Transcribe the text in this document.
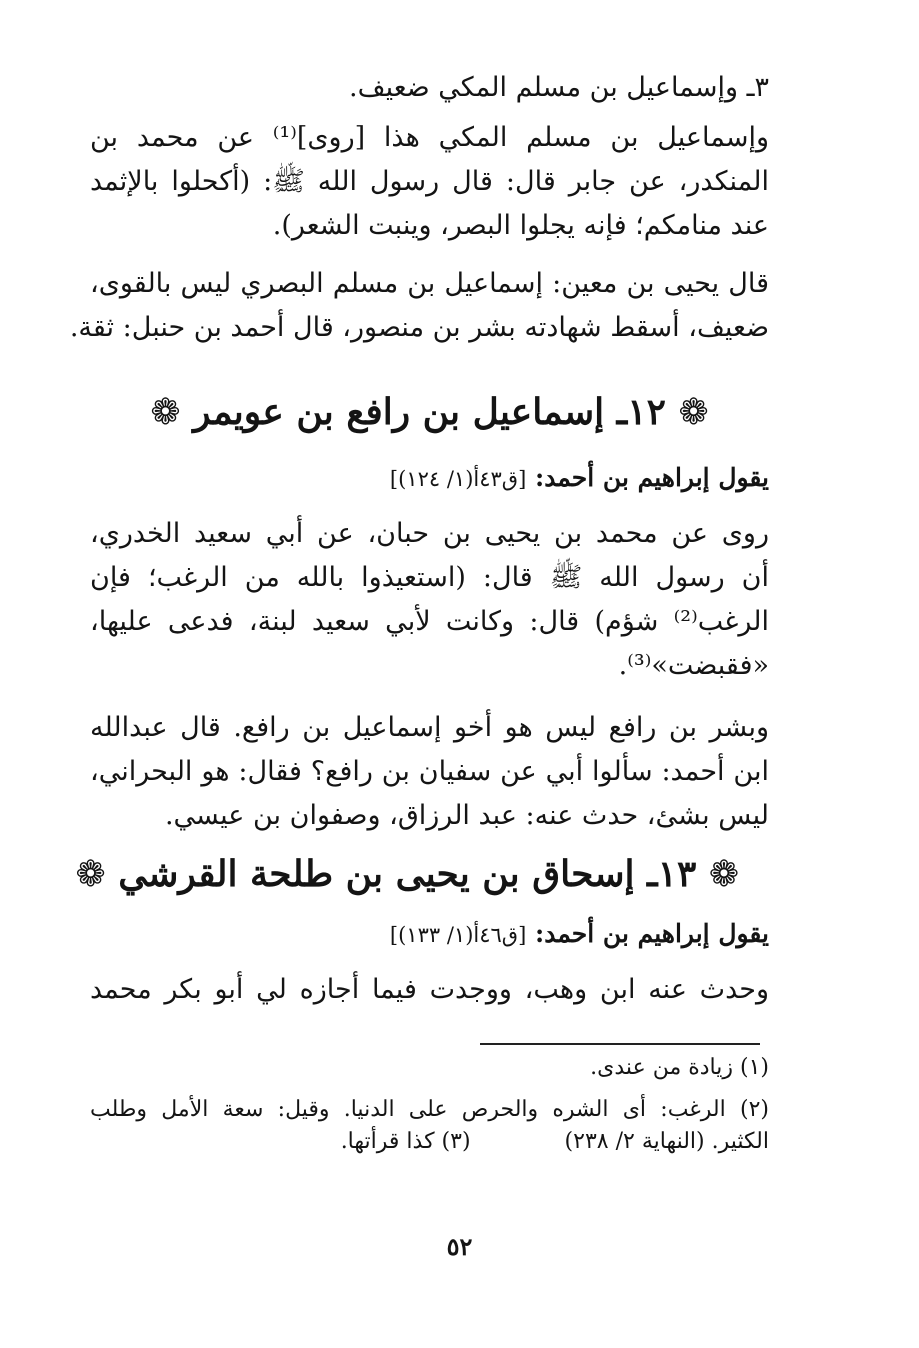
٣ـ وإسماعيل بن مسلم المكي ضعيف.
وإسماعيل بن مسلم المكي هذا [روى]⁽¹⁾ عن محمد بن
المنكدر، عن جابر قال: قال رسول الله ﷺ: (أكحلوا بالإثمد
عند منامكم؛ فإنه يجلوا البصر، وينبت الشعر).
قال يحيى بن معين: إسماعيل بن مسلم البصري ليس بالقوى،
ضعيف، أسقط شهادته بشر بن منصور، قال أحمد بن حنبل: ثقة.
❁ ١٢ـ إسماعيل بن رافع بن عويمر ❁
يقول إبراهيم بن أحمد: [ق٤٣أ(١/ ١٢٤)]
روى عن محمد بن يحيى بن حبان، عن أبي سعيد الخدري،
أن رسول الله ﷺ قال: (استعيذوا بالله من الرغب؛ فإن
الرغب⁽²⁾ شؤم) قال: وكانت لأبي سعيد لبنة، فدعى عليها،
«فقبضت»⁽³⁾.
وبشر بن رافع ليس هو أخو إسماعيل بن رافع. قال عبدالله
ابن أحمد: سألوا أبي عن سفيان بن رافع؟ فقال: هو البحراني،
ليس بشئ، حدث عنه: عبد الرزاق، وصفوان بن عيسي.
❁ ١٣ـ إسحاق بن يحيى بن طلحة القرشي ❁
يقول إبراهيم بن أحمد: [ق٤٦أ(١/ ١٣٣)]
وحدث عنه ابن وهب، ووجدت فيما أجازه لي أبو بكر محمد
(١) زيادة من عندى.
(٢) الرغب: أى الشره والحرص على الدنيا. وقيل: سعة الأمل وطلب
الكثير. (النهاية ٢/ ٢٣٨)  (٣) كذا قرأتها.
٥٢
